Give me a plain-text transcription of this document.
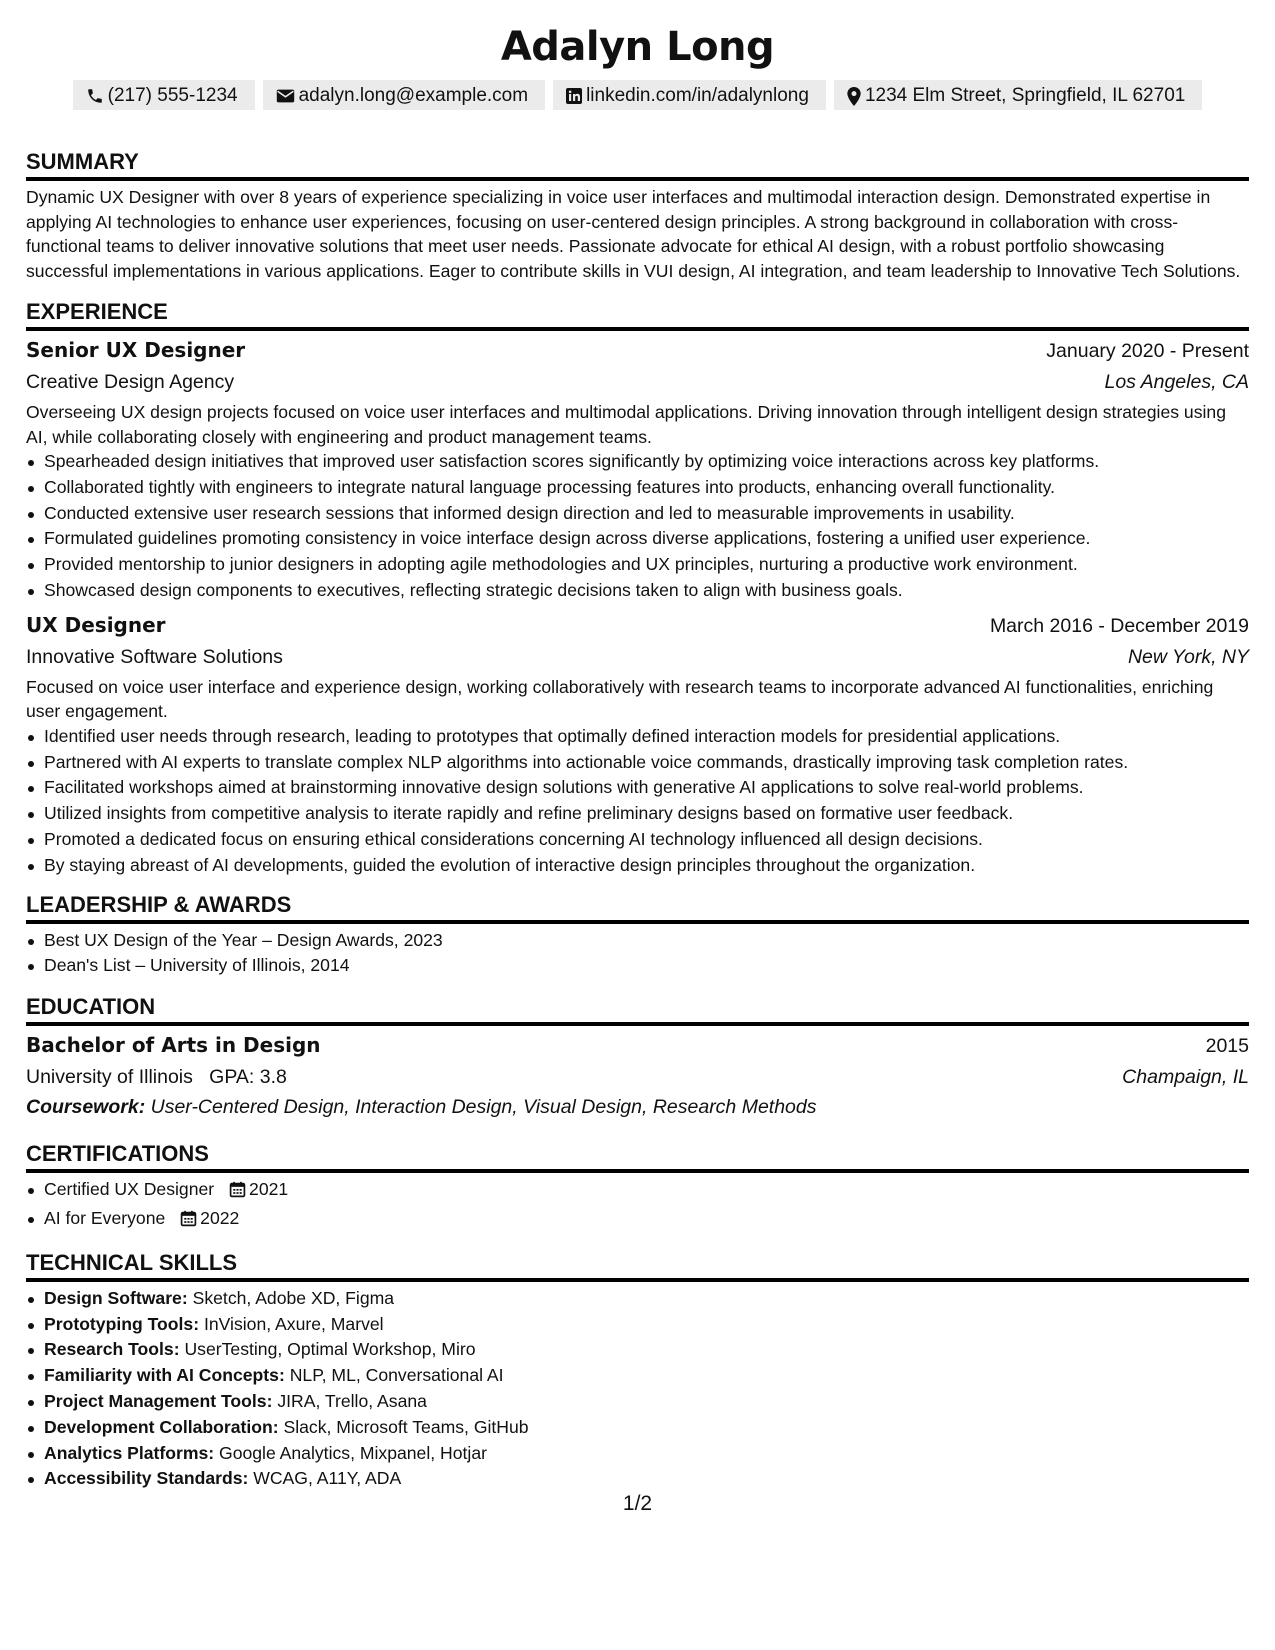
Adalyn Long
(217) 555-1234	adalyn.long@example.com	linkedin.com/in/adalynlong	1234 Elm Street, Springfield, IL 62701
SUMMARY

Dynamic UX Designer with over 8 years of experience specializing in voice user interfaces and multimodal interaction design. Demonstrated expertise in applying AI technologies to enhance user experiences, focusing on user-centered design principles. A strong background in collaboration with cross-functional teams to deliver innovative solutions that meet user needs. Passionate advocate for ethical AI design, with a robust portfolio showcasing successful implementations in various applications. Eager to contribute skills in VUI design, AI integration, and team leadership to Innovative Tech Solutions.

EXPERIENCE
Senior UX Designer	January 2020 - Present
Creative Design Agency	Los Angeles, CA

Overseeing UX design projects focused on voice user interfaces and multimodal applications. Driving innovation through intelligent design strategies using AI, while collaborating closely with engineering and product management teams.

Spearheaded design initiatives that improved user satisfaction scores significantly by optimizing voice interactions across key platforms.
Collaborated tightly with engineers to integrate natural language processing features into products, enhancing overall functionality.
Conducted extensive user research sessions that informed design direction and led to measurable improvements in usability.
Formulated guidelines promoting consistency in voice interface design across diverse applications, fostering a unified user experience.
Provided mentorship to junior designers in adopting agile methodologies and UX principles, nurturing a productive work environment.
Showcased design components to executives, reflecting strategic decisions taken to align with business goals.
UX Designer	March 2016 - December 2019
Innovative Software Solutions	New York, NY

Focused on voice user interface and experience design, working collaboratively with research teams to incorporate advanced AI functionalities, enriching user engagement.

Identified user needs through research, leading to prototypes that optimally defined interaction models for presidential applications.
Partnered with AI experts to translate complex NLP algorithms into actionable voice commands, drastically improving task completion rates.
Facilitated workshops aimed at brainstorming innovative design solutions with generative AI applications to solve real-world problems.
Utilized insights from competitive analysis to iterate rapidly and refine preliminary designs based on formative user feedback.
Promoted a dedicated focus on ensuring ethical considerations concerning AI technology influenced all design decisions.
By staying abreast of AI developments, guided the evolution of interactive design principles throughout the organization.
LEADERSHIP & AWARDS
Best UX Design of the Year – Design Awards, 2023
Dean's List – University of Illinois, 2014
EDUCATION
Bachelor of Arts in Design	2015
University of Illinois GPA: 3.8	Champaign, IL
Coursework: User-Centered Design, Interaction Design, Visual Design, Research Methods
CERTIFICATIONS
Certified UX Designer 2021
AI for Everyone 2022
TECHNICAL SKILLS
Design Software: Sketch, Adobe XD, Figma
Prototyping Tools: InVision, Axure, Marvel
Research Tools: UserTesting, Optimal Workshop, Miro
Familiarity with AI Concepts: NLP, ML, Conversational AI
Project Management Tools: JIRA, Trello, Asana
Development Collaboration: Slack, Microsoft Teams, GitHub
Analytics Platforms: Google Analytics, Mixpanel, Hotjar
Accessibility Standards: WCAG, A11Y, ADA
1/2
